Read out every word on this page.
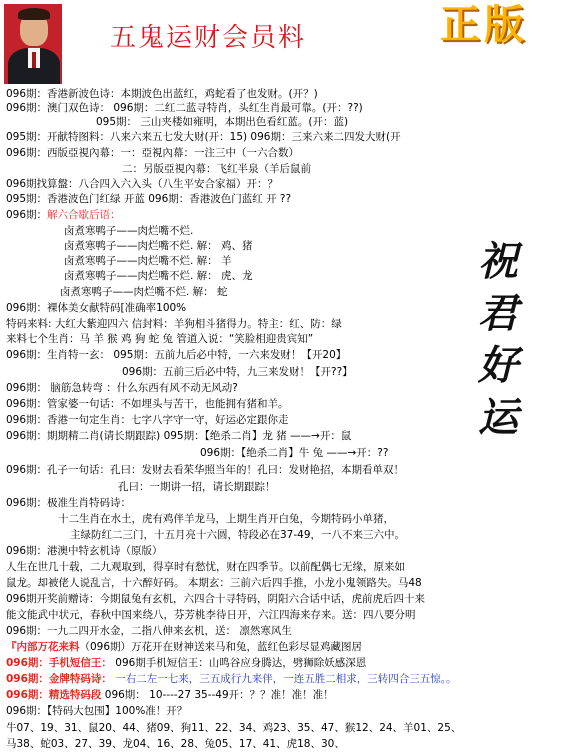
五鬼运财会员料	正版
096期：香港新波色诗：本期波色出蓝红，鸡蛇看了也发财。(开？)
096期：澳门双色诗： 096期：二红二蓝寻特肖，头红生肖最可靠。(开：??)
095期： 三山夹楼如雍明，本期出色看红蓝。(开：蓝)
095期：开献特图料：八来六来五七发大财(开：15) 096期：三来六来二四发大财(开
096期：西版亞視內幕：一：亞視內幕：一注三中（一六合数）
二：另版亞視內幕：飞红半泉（羊后鼠前
096期找算盤：八合四入六入头（八生平安合家福）开：？
095期：香港波色门红绿 开蓝 096期：香港波色门蓝红 开 ??
096期：解六合歇后语：
卤煮寒鸭子——肉烂嘴不烂.
卤煮寒鸭子——肉烂嘴不烂. 解： 鸡、猪
卤煮寒鸭子——肉烂嘴不烂. 解： 羊
卤煮寒鸭子——肉烂嘴不烂. 解： 虎、龙
卤煮寒鸭子——肉烂嘴不烂. 解： 蛇
096期：裸体美女献特码[准确率100%
特码来料: 大红大紫迎四六 信封料：羊狗相斗猪得力。特主：红、防：绿
来料七个生肖：马 羊 猴 鸡 狗 蛇 兔 管道入说：“笑脸相迎贵宾知”
096期：生肖特一玄： 095期：五前九后必中特，一六来发财！【开20】
096期：五前三后必中特，九三来发财！【开??】
096期： 脑筋急转弯 ：什么东西有风不动无风动?
096期：管家婆一句话：不如埋头与苦干，也能拥有猪和羊。
096期：香港一句定生肖：七字八字守一守，好运必定跟你走
096期：期期精二肖(请长期跟踪) 095期：【绝杀二肖】龙 猪 ——→开：鼠
096期：【绝杀二肖】牛 兔 ——→开：??
096期：孔子一句话：孔曰：发财去看茱华照当年的！孔曰：发财艳招，本期看单双！
孔曰：一期讲一招，请长期跟踪！
096期：极准生肖特码诗：
十二生肖在水土，虎有鸡伴羊龙马，上期生肖开白兔，今期特码小单猪，
主绿防红二三门，十五月亮十六圆，特段必在37-49，一八不来三六中。
096期：港澳中特玄机诗（原版）
人生在世几十载，二九观取到，得享时有愁忧，财在四季节。以前配偶七无缘，原来如
鼠龙。却被佬人说乱言，十六醉好码。 本期玄：三前六后四手推，小龙小鬼领路失。马48
096期开奖前赠诗：今期鼠兔有玄机，六四合十寻特码，阴阳六合话中话，虎前虎后四十来
能文能武中状元，春秋中国来绕八，芬芳桃李待日开，六江四海来存来。送：四八要分明
096期：一九二四开水金，二指八伸来玄机，送： 凛然寒风生
『内部万花来料（096期）万花开在财神送来马和兔，蓝红色彩尽显鸡藏图居
096期：手机短信王： 096期手机短信王：山鸣谷应身腾达，劈狮除妖感深恩
096期：金牌特码诗： 一右二左一七来，三五成行九来伴，一连五胜二相求，三转四合三五惊。。
096期：精选特码段 096期： 10----27 35--49开：？？准！准！准！
096期：【特码大包围】100%准！开？
牛07、19、31、鼠20、44、猪09、狗11、22、34、鸡23、35、47、猴12、24、羊01、25、
马38、蛇03、27、39、龙04、16、28、兔05、17、41、虎18、30、
祝
君
好
运
